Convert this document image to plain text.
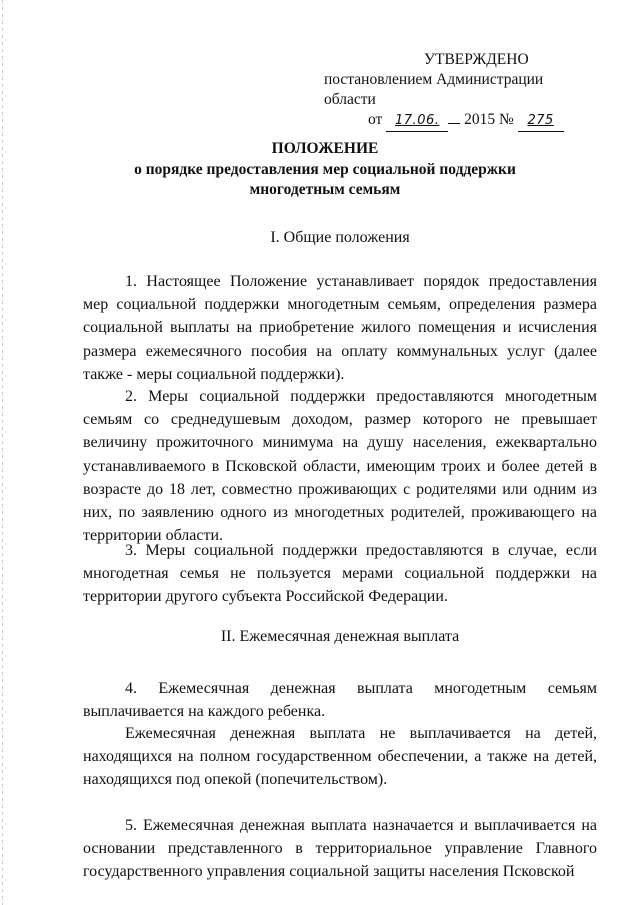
УТВЕРЖДЕНО
постановлением Администрации области
от 17.06. 2015 № 275
ПОЛОЖЕНИЕ
о порядке предоставления мер социальной поддержки многодетным семьям
I. Общие положения
1. Настоящее Положение устанавливает порядок предоставления мер социальной поддержки многодетным семьям, определения размера социальной выплаты на приобретение жилого помещения и исчисления размера ежемесячного пособия на оплату коммунальных услуг (далее также - меры социальной поддержки).
2. Меры социальной поддержки предоставляются многодетным семьям со среднедушевым доходом, размер которого не превышает величину прожиточного минимума на душу населения, ежеквартально устанавливаемого в Псковской области, имеющим троих и более детей в возрасте до 18 лет, совместно проживающих с родителями или одним из них, по заявлению одного из многодетных родителей, проживающего на территории области.
3. Меры социальной поддержки предоставляются в случае, если многодетная семья не пользуется мерами социальной поддержки на территории другого субъекта Российской Федерации.
II. Ежемесячная денежная выплата
4. Ежемесячная денежная выплата многодетным семьям выплачивается на каждого ребенка.
Ежемесячная денежная выплата не выплачивается на детей, находящихся на полном государственном обеспечении, а также на детей, находящихся под опекой (попечительством).
5. Ежемесячная денежная выплата назначается и выплачивается на основании представленного в территориальное управление Главного государственного управления социальной защиты населения Псковской
